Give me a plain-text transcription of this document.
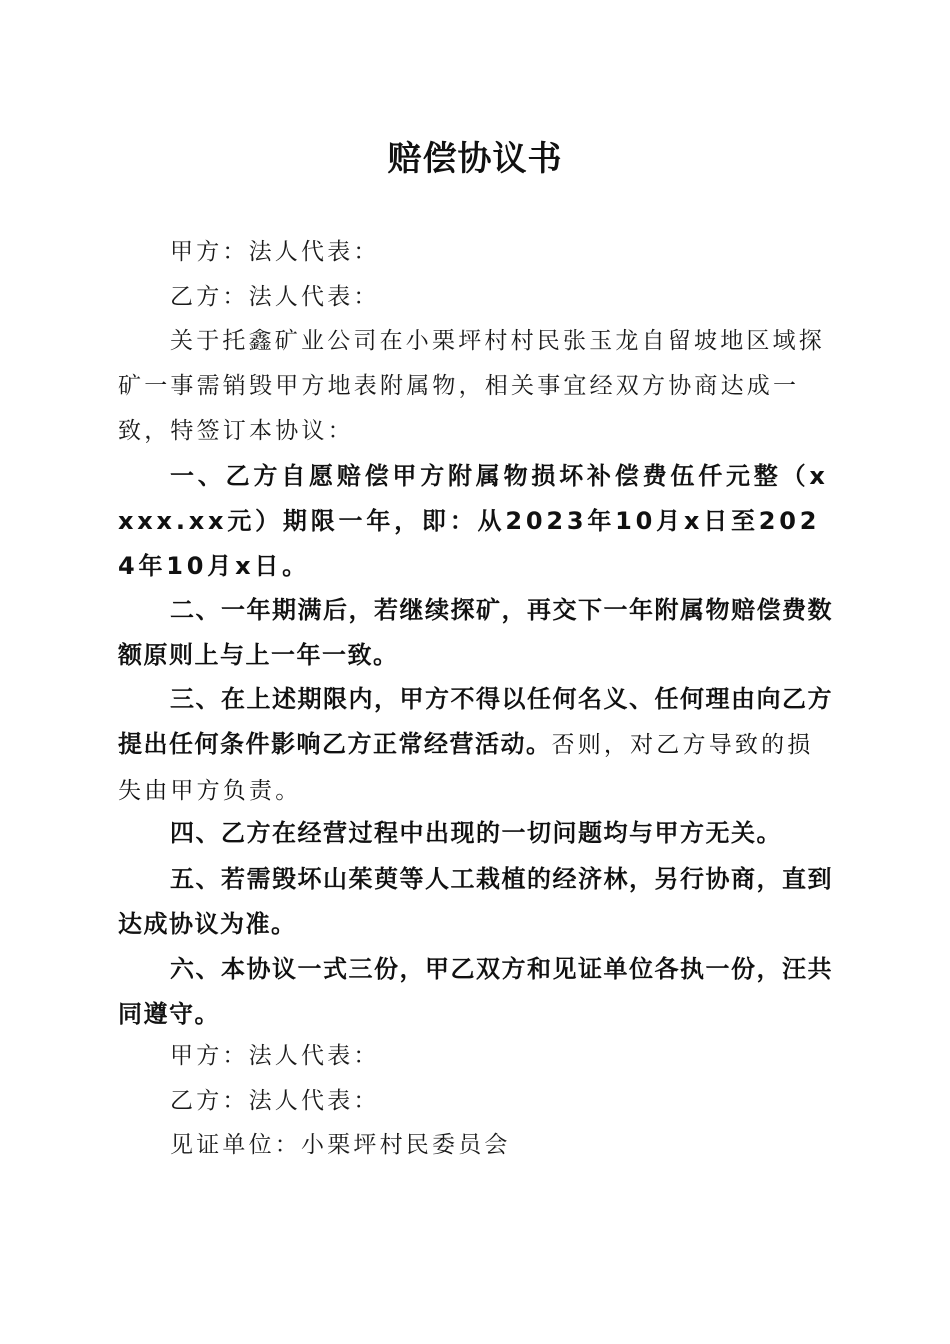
赔偿协议书

甲方：法人代表：

乙方：法人代表：

关于托鑫矿业公司在小栗坪村村民张玉龙自留坡地区域探矿一事需销毁甲方地表附属物，相关事宜经双方协商达成一致，特签订本协议：

一、乙方自愿赔偿甲方附属物损坏补偿费伍仟元整（xxxx.xx元）期限一年，即：从2023年10月x日至2024年10月x日。

二、一年期满后，若继续探矿，再交下一年附属物赔偿费数额原则上与上一年一致。

三、在上述期限内，甲方不得以任何名义、任何理由向乙方提出任何条件影响乙方正常经营活动。否则，对乙方导致的损失由甲方负责。

四、乙方在经营过程中出现的一切问题均与甲方无关。

五、若需毁坏山茱萸等人工栽植的经济林，另行协商，直到达成协议为准。

六、本协议一式三份，甲乙双方和见证单位各执一份，汪共同遵守。

甲方：法人代表：

乙方：法人代表：

见证单位：小栗坪村民委员会
